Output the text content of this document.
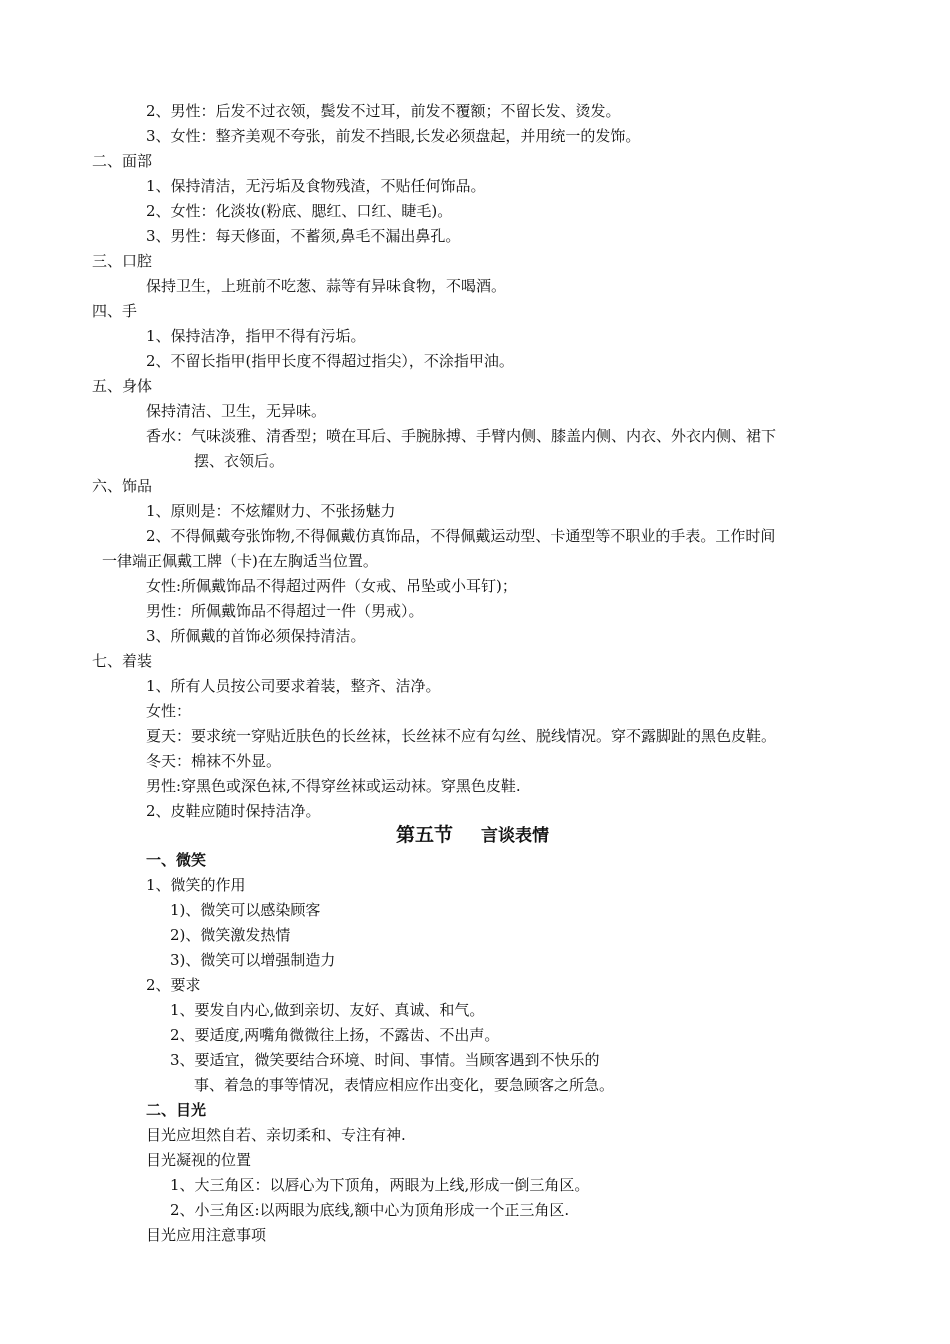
2、男性：后发不过衣领，鬓发不过耳，前发不覆额；不留长发、烫发。
3、女性：整齐美观不夸张，前发不挡眼,长发必须盘起，并用统一的发饰。
二、面部
1、保持清洁，无污垢及食物残渣，不贴任何饰品。
2、女性：化淡妆(粉底、腮红、口红、睫毛)。
3、男性：每天修面，不蓄须,鼻毛不漏出鼻孔。
三、口腔
保持卫生，上班前不吃葱、蒜等有异味食物，不喝酒。
四、手
1、保持洁净，指甲不得有污垢。
2、不留长指甲(指甲长度不得超过指尖），不涂指甲油。
五、身体
保持清洁、卫生，无异味。
香水：气味淡雅、清香型；喷在耳后、手腕脉搏、手臂内侧、膝盖内侧、内衣、外衣内侧、裙下
摆、衣领后。
六、饰品
1、原则是：不炫耀财力、不张扬魅力
2、不得佩戴夸张饰物,不得佩戴仿真饰品，不得佩戴运动型、卡通型等不职业的手表。工作时间
一律端正佩戴工牌（卡)在左胸适当位置。
女性:所佩戴饰品不得超过两件（女戒、吊坠或小耳钉)；
男性：所佩戴饰品不得超过一件（男戒）。
3、所佩戴的首饰必须保持清洁。
七、着装
1、所有人员按公司要求着装，整齐、洁净。
女性：
夏天：要求统一穿贴近肤色的长丝袜，长丝袜不应有勾丝、脱线情况。穿不露脚趾的黑色皮鞋。
冬天：棉袜不外显。
男性:穿黑色或深色袜,不得穿丝袜或运动袜。穿黑色皮鞋.
2、皮鞋应随时保持洁净。
第五节 言谈表情
一、微笑
1、微笑的作用
1)、微笑可以感染顾客
2)、微笑激发热情
3)、微笑可以增强制造力
2、要求
1、要发自内心,做到亲切、友好、真诚、和气。
2、要适度,两嘴角微微往上扬，不露齿、不出声。
3、要适宜，微笑要结合环境、时间、事情。当顾客遇到不快乐的
事、着急的事等情况，表情应相应作出变化，要急顾客之所急。
二、目光
目光应坦然自若、亲切柔和、专注有神.
目光凝视的位置
1、大三角区：以唇心为下顶角，两眼为上线,形成一倒三角区。
2、小三角区:以两眼为底线,额中心为顶角形成一个正三角区.
目光应用注意事项
